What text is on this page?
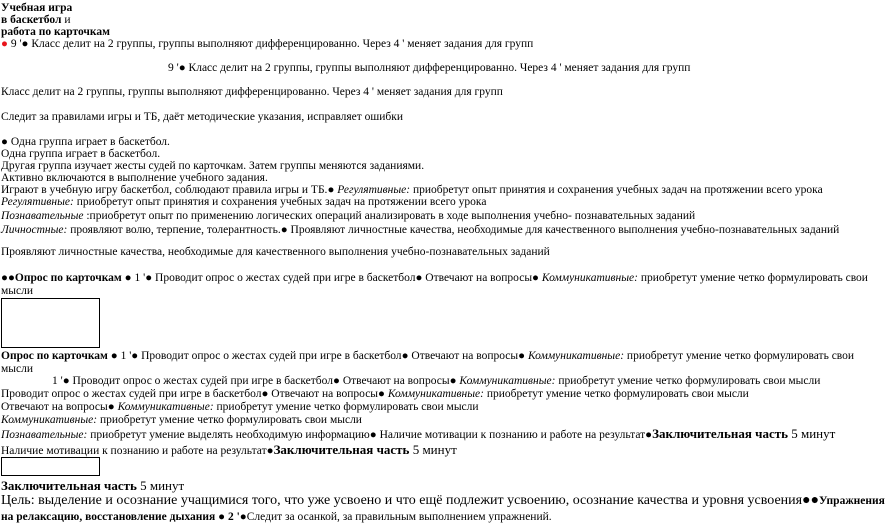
Учебная игра
в баскетбол и
работа по карточкам
● 9 '● Класс делит на 2 группы, группы выполняют дифференцированно. Через 4 ' меняет задания для групп
9 '● Класс делит на 2 группы, группы выполняют дифференцированно. Через 4 ' меняет задания для групп
Класс делит на 2 группы, группы выполняют дифференцированно. Через 4 ' меняет задания для групп
Следит за правилами игры и ТБ, даёт методические указания, исправляет ошибки
● Одна группа играет в баскетбол.
Одна группа играет в баскетбол.
Другая группа изучает жесты судей по карточкам. Затем группы меняются заданиями.
Активно включаются в выполнение учебного задания.
Играют в учебную игру баскетбол, соблюдают правила игры и ТБ.● Регулятивные: приобретут опыт принятия и сохранения учебных задач на протяжении всего урока
Регулятивные: приобретут опыт принятия и сохранения учебных задач на протяжении всего урока
Познавательные :приобретут опыт по применению логических операций анализировать в ходе выполнения учебно- познавательных заданий
Личностные: проявляют волю, терпение, толерантность.● Проявляют личностные качества, необходимые для качественного выполнения учебно-познавательных заданий
Проявляют личностные качества, необходимые для качественного выполнения учебно-познавательных заданий
●●Опрос по карточкам ● 1 '● Проводит опрос о жестах судей при игре в баскетбол● Отвечают на вопросы● Коммуникативные: приобретут умение четко формулировать свои
мысли
Опрос по карточкам ● 1 '● Проводит опрос о жестах судей при игре в баскетбол● Отвечают на вопросы● Коммуникативные: приобретут умение четко формулировать свои
мысли
1 '● Проводит опрос о жестах судей при игре в баскетбол● Отвечают на вопросы● Коммуникативные: приобретут умение четко формулировать свои мысли
Проводит опрос о жестах судей при игре в баскетбол● Отвечают на вопросы● Коммуникативные: приобретут умение четко формулировать свои мысли
Отвечают на вопросы● Коммуникативные: приобретут умение четко формулировать свои мысли
Коммуникативные: приобретут умение четко формулировать свои мысли
Познавательные: приобретут умение выделять необходимую информацию● Наличие мотивации к познанию и работе на результат●Заключительная часть 5 минут
Наличие мотивации к познанию и работе на результат●Заключительная часть 5 минут
Заключительная часть 5 минут
Цель: выделение и осознание учащимися того, что уже усвоено и что ещё подлежит усвоению, осознание качества и уровня усвоения●●Упражнения
на релаксацию, восстановление дыхания ● 2 '●Следит за осанкой, за правильным выполнением упражнений.
